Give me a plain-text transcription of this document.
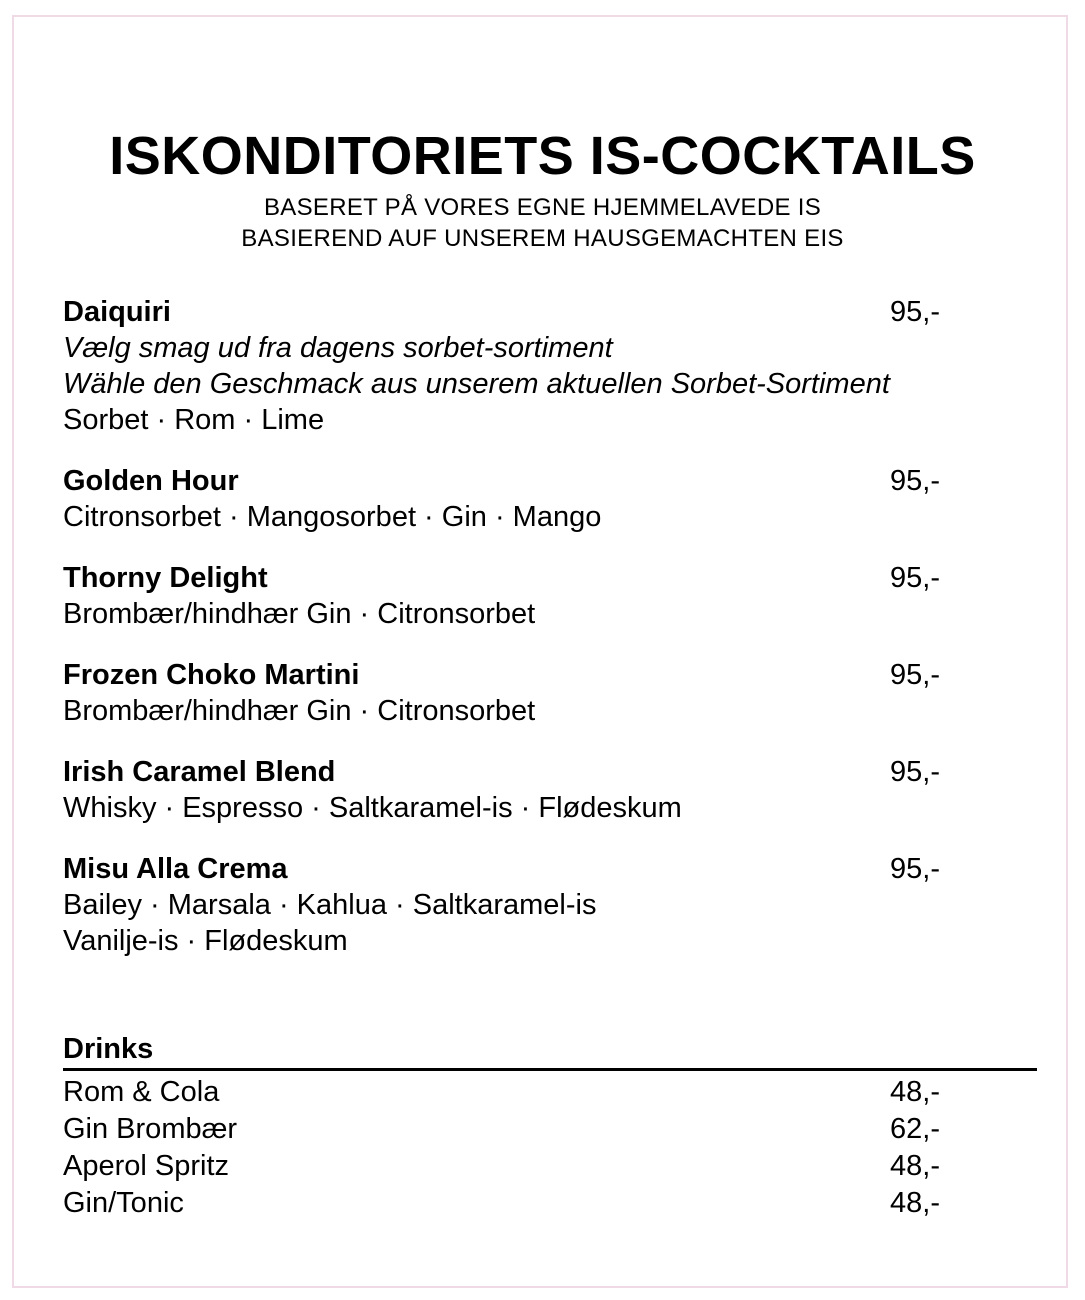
ISKONDITORIETS IS-COCKTAILS
BASERET PÅ VORES EGNE HJEMMELAVEDE IS
BASIEREND AUF UNSEREM HAUSGEMACHTEN EIS
Daiquiri	95,-
Vælg smag ud fra dagens sorbet-sortiment
Wähle den Geschmack aus unserem aktuellen Sorbet-Sortiment
Sorbet · Rom · Lime
Golden Hour	95,-
Citronsorbet · Mangosorbet · Gin · Mango
Thorny Delight	95,-
Brombær/hindhær Gin · Citronsorbet
Frozen Choko Martini	95,-
Brombær/hindhær Gin · Citronsorbet
Irish Caramel Blend	95,-
Whisky · Espresso · Saltkaramel-is · Flødeskum
Misu Alla Crema	95,-
Bailey · Marsala · Kahlua · Saltkaramel-is
Vanilje-is · Flødeskum
Drinks
Rom & Cola	48,-
Gin Brombær	62,-
Aperol Spritz	48,-
Gin/Tonic	48,-
